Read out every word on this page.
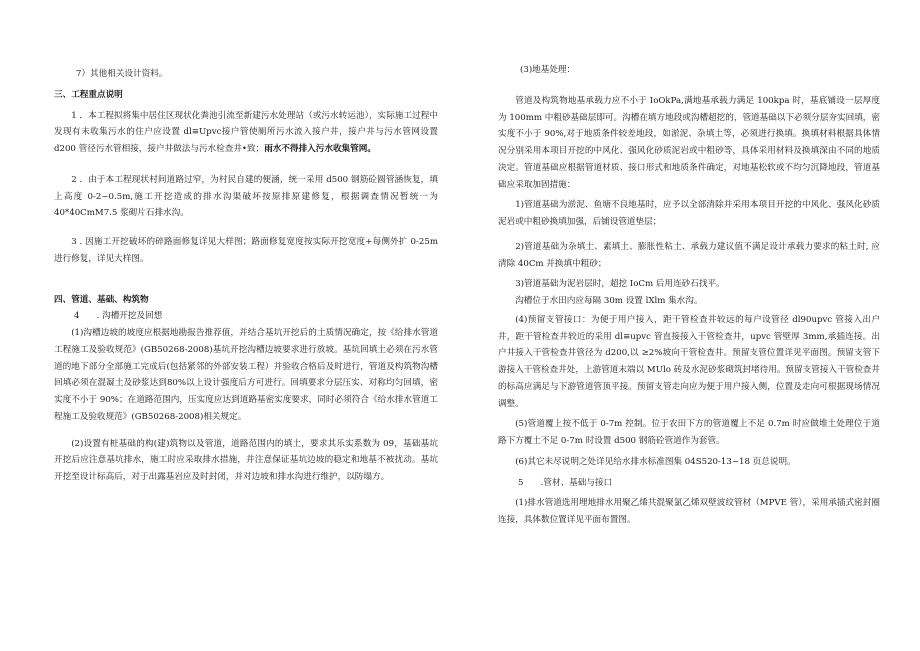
7）其他相关设计资料。

三、工程重点说明

1 ．本工程拟将集中居住区现状化粪池引流至新建污水处理站（或污水转运池），实际施工过程中发现有未收集污水的住户应设置 dl≡Upvc接户管使厕所污水流入接户井，接户井与污水管网设置 d200 管径污水管相接，接户井做法与污水检查井•致；雨水不得排入污水收集管网。

2 ．由于本工程现状村间道路过窄，为村民自建的便涵，统一采用 d500 钢筋砼圆管涵恢复，填上高度 0-2~0.5m,施工开挖造成的排水沟渠破坏按原排原建修复，根据调查情况暂统一为 40*40CmM7.5 浆砌片石排水沟。

3 . 因施工开挖破坏的碎路面修复详见大样图；路面修复宽度按实际开挖宽度+每侧外扩 0-25m 进行修复，详见大样图。

四、管道、基础、构筑物

4　　. 沟槽开挖及回想

(1)沟槽边坡的坡度应根据地勘报告推荐值，并结合基坑开挖后的土质情况确定，按《给排水管道工程施工及验收规范》(GB50268-2008)基坑开挖沟槽边坡要求进行放坡。基坑回填土必须在污水管道的地下部分全部施工完成后(包括紧邻的外部安装工程）并验收合格后及时进行，管道及构筑物沟槽回填必须在混凝土及砂浆达到80%以上设计强度后方可进行。回填要求分层压实、对称均匀回填，密实度不小于 90%；在道路范围内，压实度应达到道路基密实度要求，同时必须符合《给水排水管道工程施工及验收规范》(GB50268-2008)相关规定。

(2)设置有桩基础的构(建)筑物以及管道，道路范围内的填土，要求其乐实系数为 09，基础基坑开挖后应注意基坑排水，施工时应采取排水措施，并注意保证基坑边坡的稳定和地基不被扰动。基坑开挖至设计标高后，对于出露基岩应及时封闭，并对边坡和排水沟进行维护，以防塌方。

(3)地基处理：

管道及构筑物地基承载力应不小于 IoOkPa,满地基承载力满足 100kpa 时，基底铺设一层厚度为 100mm 中粗砂基础层即可。沟槽在填方地段或沟槽超挖的，管道基础以下必须分层夯实回填，密实度不小于 90%,对于地质条件较差地段，如淤泥、杂填土等，必须进行换填。换填材料根据具体情况分别采用本项目开挖的中风化、强风化砂质泥岩或中粗砂等，具体采用材料及换填深由不同的地质决定。管道基础应根据管道材质、接口形式和地质条件确定，对地基松软或不均匀沉降地段，管道基础应采取加固措施：

1)管道基础为淤泥、鱼塘不良地基时，应予以全部清除并采用本项目开挖的中风化、强风化砂质泥岩或中粗砂换填加强，后铺设管道垫层；

2)管道基础为杂填土、素填土、膨胀性粘土、承载力建议值不满足设计承载力要求的粘土时, 应清除 40Cm 并换填中粗砂；

3)管道基础为泥岩层时，超挖 IoCm 后用连砂石找平。

沟槽位于水田内应每隔 30m 设置 lXlm 集水沟。

(4)预留支管接口：为便于用户接入，距干管检查井较远的每户设管径 dl90upvc 管接入出户井，距干管检查井较近的采用 dl≡upvc 管直接接入干管检查井，upvc 管壁厚 3mm,承插连接。出户井接入干管检查井管径为 d200,以 ≥2%坡向干管检查井。预留支管位置详见平面图。预留支管下游接入干管检查井处，上游管道末端以 MUlo 砖及水泥砂浆砌筑封堵待用。预留支管接入干管检查井的标高应满足与下游管道管顶平接。预留支管走向应为便于用户接入侧，位置及走向可根据现场情况调整。

(5)管道覆上按不低于 0-7m 控制。位于农田下方的管道覆上不足 0.7m 时应做堆土处理位于道路下方覆土不足 0-7m 时设置 d500 钢筋砼管道作为套管。

(6)其它未尽说明之处详见给水排水标准图集 04S520-13~18 页总说明。

5　　.管材、基础与接口

(1)排水管道选用埋地排水用聚乙烯共混聚氯乙烯双壁波纹管材（MPVE 管），采用承插式密封圈连接，具体数位置详见平面布置图。
